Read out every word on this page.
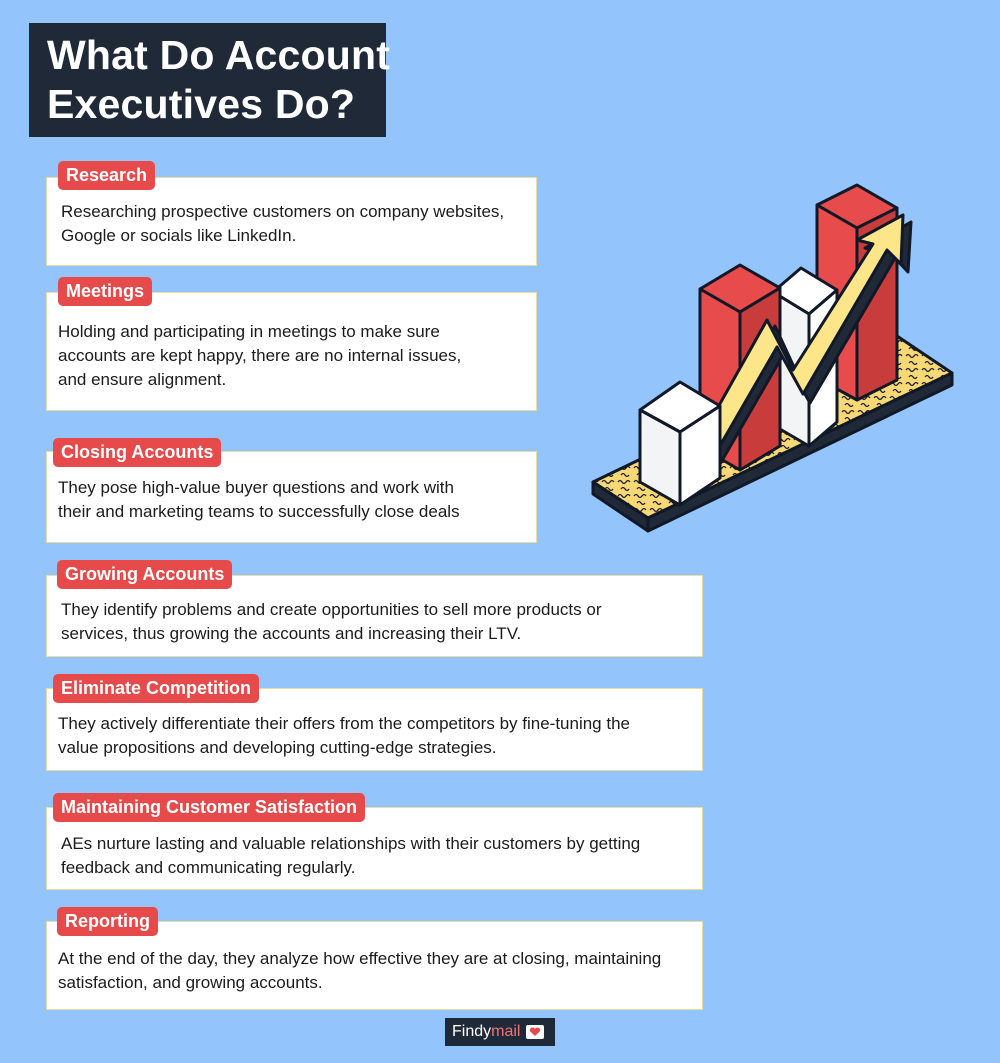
What Do Account
Executives Do?
Researching prospective customers on company websites,
Google or socials like LinkedIn.
Research
Holding and participating in meetings to make sure
accounts are kept happy, there are no internal issues,
and ensure alignment.
Meetings
They pose high-value buyer questions and work with
their and marketing teams to successfully close deals
Closing Accounts
They identify problems and create opportunities to sell more products or
services, thus growing the accounts and increasing their LTV.
Growing Accounts
They actively differentiate their offers from the competitors by fine-tuning the
value propositions and developing cutting-edge strategies.
Eliminate Competition
AEs nurture lasting and valuable relationships with their customers by getting
feedback and communicating regularly.
Maintaining Customer Satisfaction
At the end of the day, they analyze how effective they are at closing, maintaining
satisfaction, and growing accounts.
Reporting
Findy mail
